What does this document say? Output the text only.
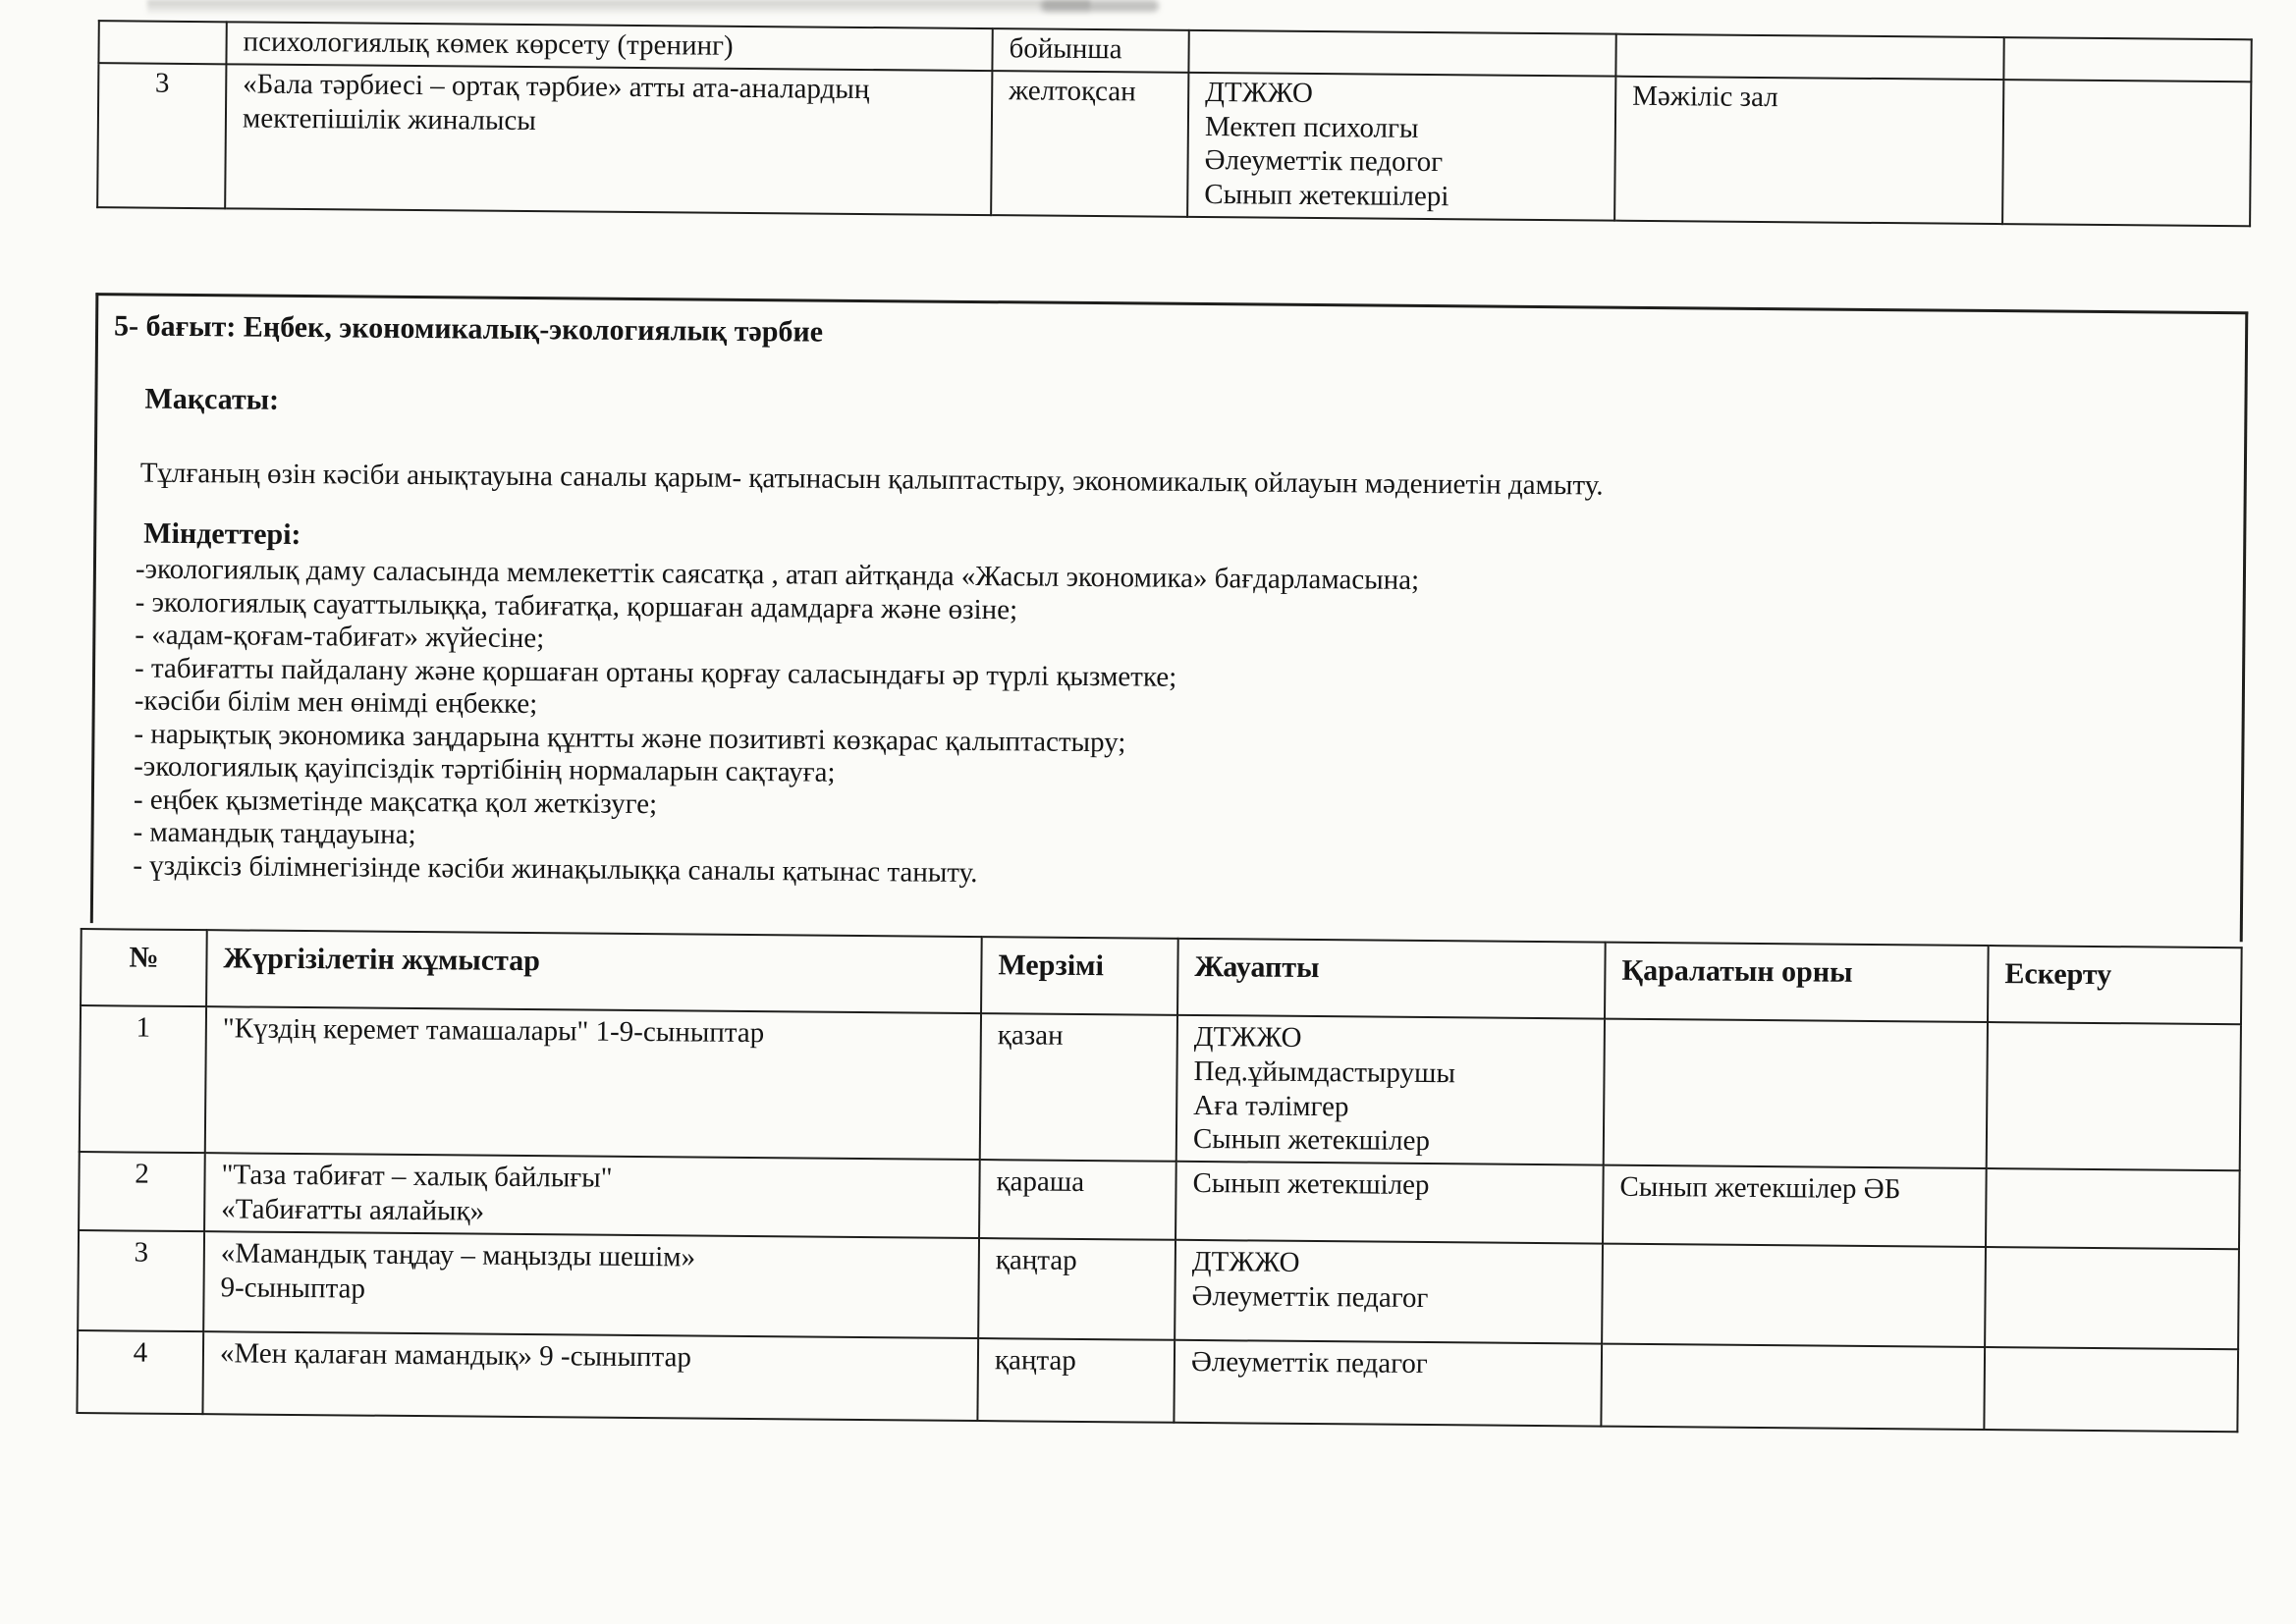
	психологиялық көмек көрсету (тренинг)	бойынша			
3	«Бала тәрбиесі – ортақ тәрбие» атты ата-аналардың мектепішілік жиналысы	желтоқсан	ДТЖЖО
Мектеп психолгы
Әлеуметтік педогог
Сынып жетекшілері	Мәжіліс зал	
5- бағыт: Еңбек, экономикалық-экологиялық тәрбие
Мақсаты:
Тұлғаның өзін кәсіби анықтауына саналы қарым- қатынасын қалыптастыру, экономикалық ойлауын мәдениетін дамыту.
Міндеттері:
-экологиялық даму саласында мемлекеттік саясатқа , атап айтқанда «Жасыл экономика» бағдарламасына;
- экологиялық сауаттылыққа, табиғатқа, қоршаған адамдарға және өзіне;
- «адам-қоғам-табиғат» жүйесіне;
- табиғатты пайдалану және қоршаған ортаны қорғау саласындағы әр түрлі қызметке;
-кәсіби білім мен өнімді еңбекке;
- нарықтық экономика заңдарына құнтты және позитивті көзқарас қалыптастыру;
-экологиялық қауіпсіздік тәртібінің нормаларын сақтауға;
- еңбек қызметінде мақсатқа қол жеткізуге;
- мамандық таңдауына;
- үздіксіз білімнегізінде кәсіби жинақылыққа саналы қатынас таныту.
№	Жүргізілетін жұмыстар	Мерзімі	Жауапты	Қаралатын орны	Ескерту
1	"Күздің керемет тамашалары" 1-9-сыныптар	қазан	ДТЖЖО
Пед.ұйымдастырушы
Аға тәлімгер
Сынып жетекшілер		
2	"Таза табиғат – халық байлығы"
«Табиғатты аялайық»	қараша	Сынып жетекшілер	Сынып жетекшілер ӘБ	
3	«Мамандық таңдау – маңызды шешім»
9-сыныптар	қаңтар	ДТЖЖО
Әлеуметтік педагог		
4	«Мен қалаған мамандық» 9 -сыныптар	қаңтар	Әлеуметтік педагог		
